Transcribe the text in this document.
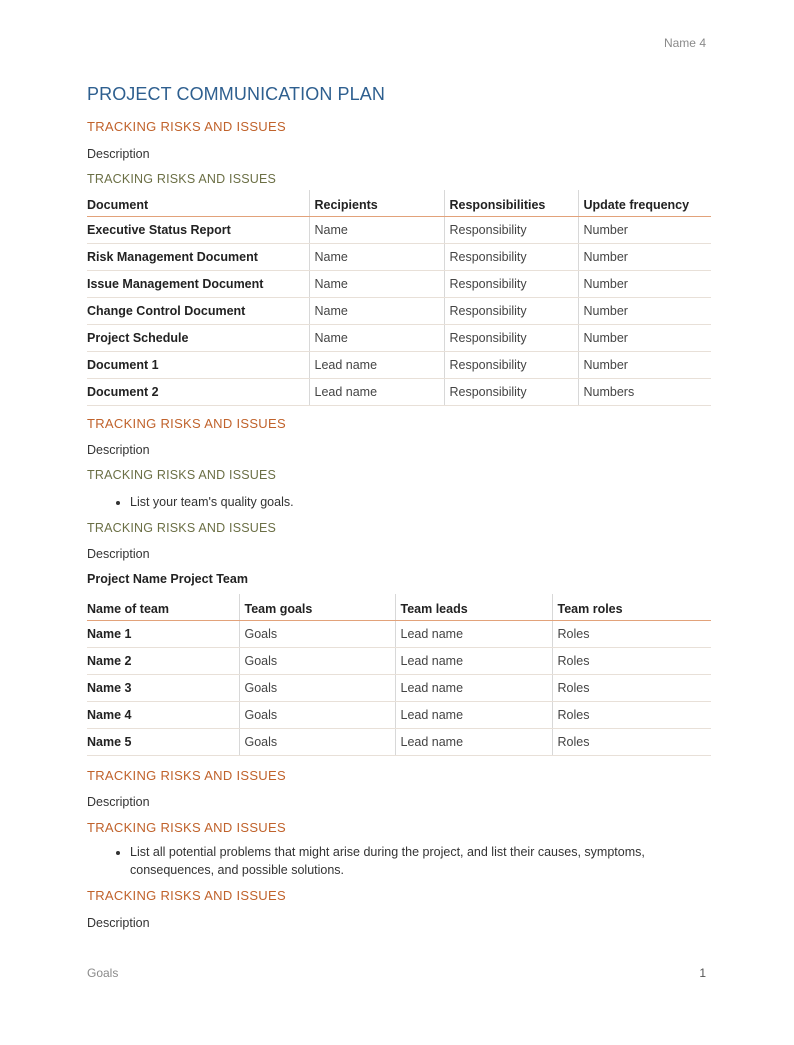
Name 4
PROJECT COMMUNICATION PLAN
TRACKING RISKS AND ISSUES
Description
TRACKING RISKS AND ISSUES
Document	Recipients	Responsibilities	Update frequency

Executive Status Report	Name	Responsibility	Number
Risk Management Document	Name	Responsibility	Number
Issue Management Document	Name	Responsibility	Number
Change Control Document	Name	Responsibility	Number
Project Schedule	Name	Responsibility	Number
Document 1	Lead name	Responsibility	Number
Document 2	Lead name	Responsibility	Numbers
TRACKING RISKS AND ISSUES
Description
TRACKING RISKS AND ISSUES
• List your team's quality goals.
TRACKING RISKS AND ISSUES
Description
Project Name Project Team
Name of team	Team goals	Team leads	Team roles

Name 1	Goals	Lead name	Roles
Name 2	Goals	Lead name	Roles
Name 3	Goals	Lead name	Roles
Name 4	Goals	Lead name	Roles
Name 5	Goals	Lead name	Roles
TRACKING RISKS AND ISSUES
Description
TRACKING RISKS AND ISSUES
• List all potential problems that might arise during the project, and list their causes, symptoms, consequences, and possible solutions.
TRACKING RISKS AND ISSUES
Description
Goals	1
